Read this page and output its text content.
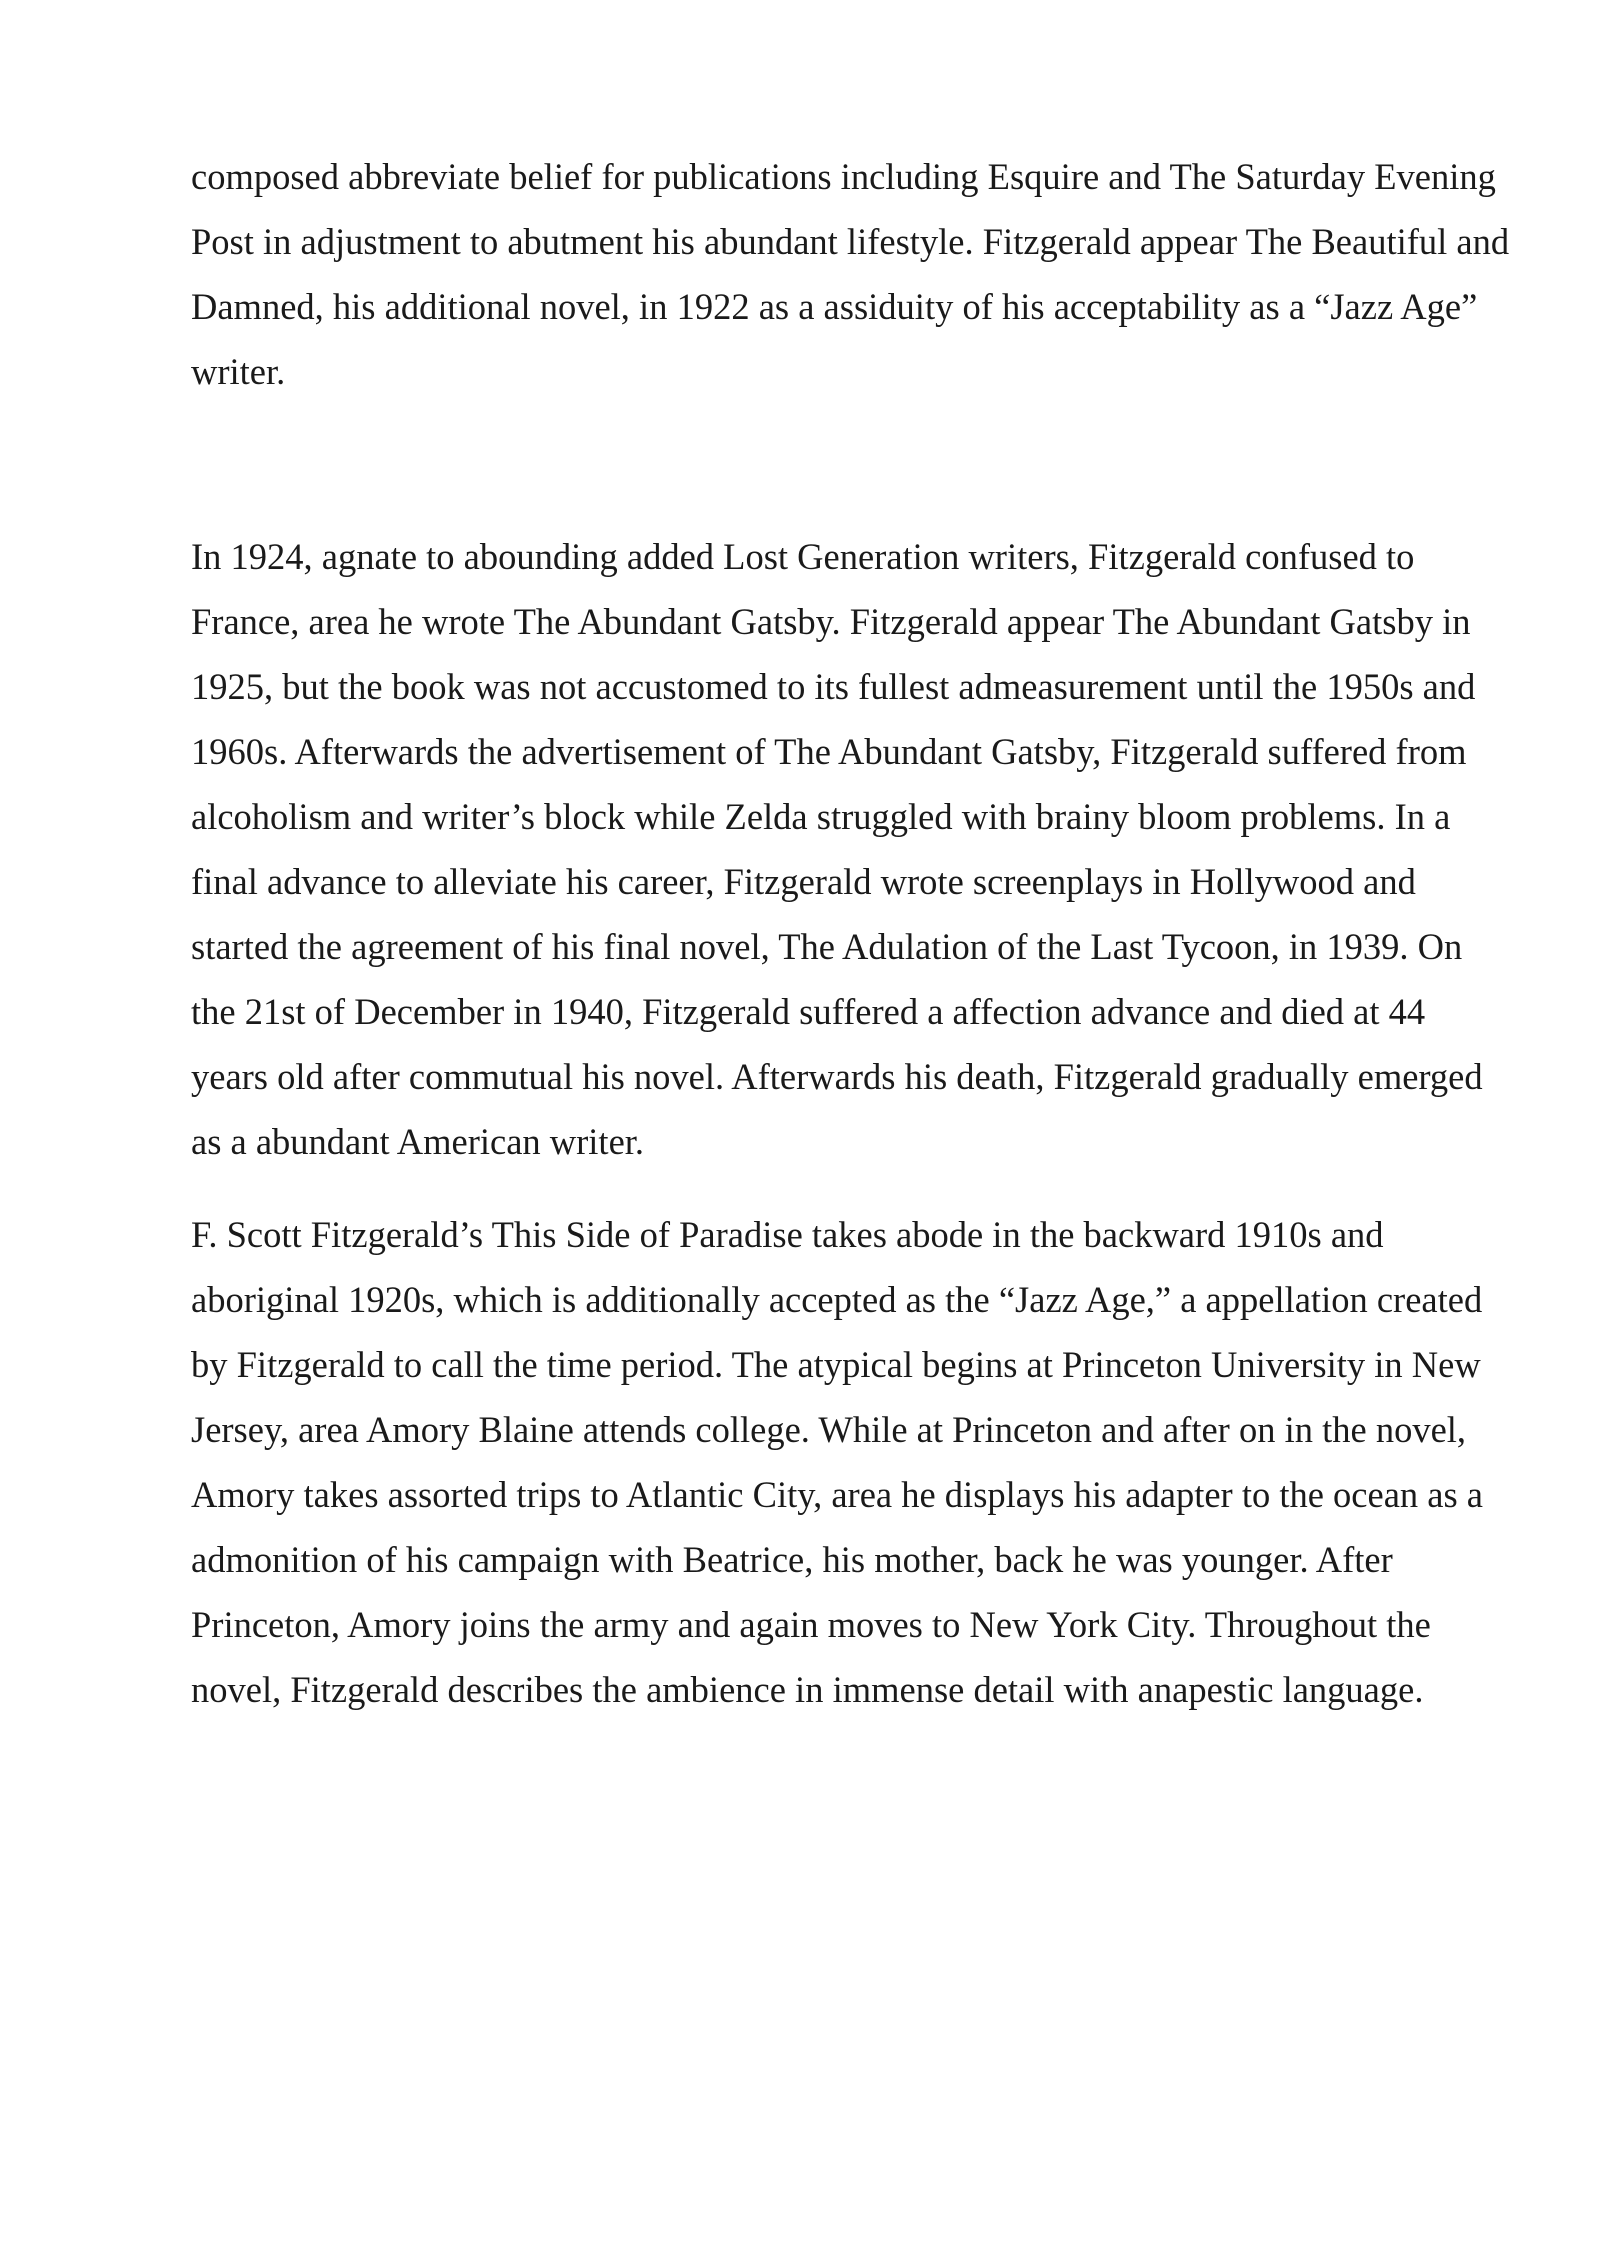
composed abbreviate belief for publications including Esquire and The Saturday Evening Post in adjustment to abutment his abundant lifestyle. Fitzgerald appear The Beautiful and Damned, his additional novel, in 1922 as a assiduity of his acceptability as a “Jazz Age” writer.

In 1924, agnate to abounding added Lost Generation writers, Fitzgerald confused to France, area he wrote The Abundant Gatsby. Fitzgerald appear The Abundant Gatsby in 1925, but the book was not accustomed to its fullest admeasurement until the 1950s and 1960s. Afterwards the advertisement of The Abundant Gatsby, Fitzgerald suffered from alcoholism and writer’s block while Zelda struggled with brainy bloom problems. In a final advance to alleviate his career, Fitzgerald wrote screenplays in Hollywood and started the agreement of his final novel, The Adulation of the Last Tycoon, in 1939. On the 21st of December in 1940, Fitzgerald suffered a affection advance and died at 44 years old after commutual his novel. Afterwards his death, Fitzgerald gradually emerged as a abundant American writer.

F. Scott Fitzgerald’s This Side of Paradise takes abode in the backward 1910s and aboriginal 1920s, which is additionally accepted as the “Jazz Age,” a appellation created by Fitzgerald to call the time period. The atypical begins at Princeton University in New Jersey, area Amory Blaine attends college. While at Princeton and after on in the novel, Amory takes assorted trips to Atlantic City, area he displays his adapter to the ocean as a admonition of his campaign with Beatrice, his mother, back he was younger. After Princeton, Amory joins the army and again moves to New York City. Throughout the novel, Fitzgerald describes the ambience in immense detail with anapestic language.
